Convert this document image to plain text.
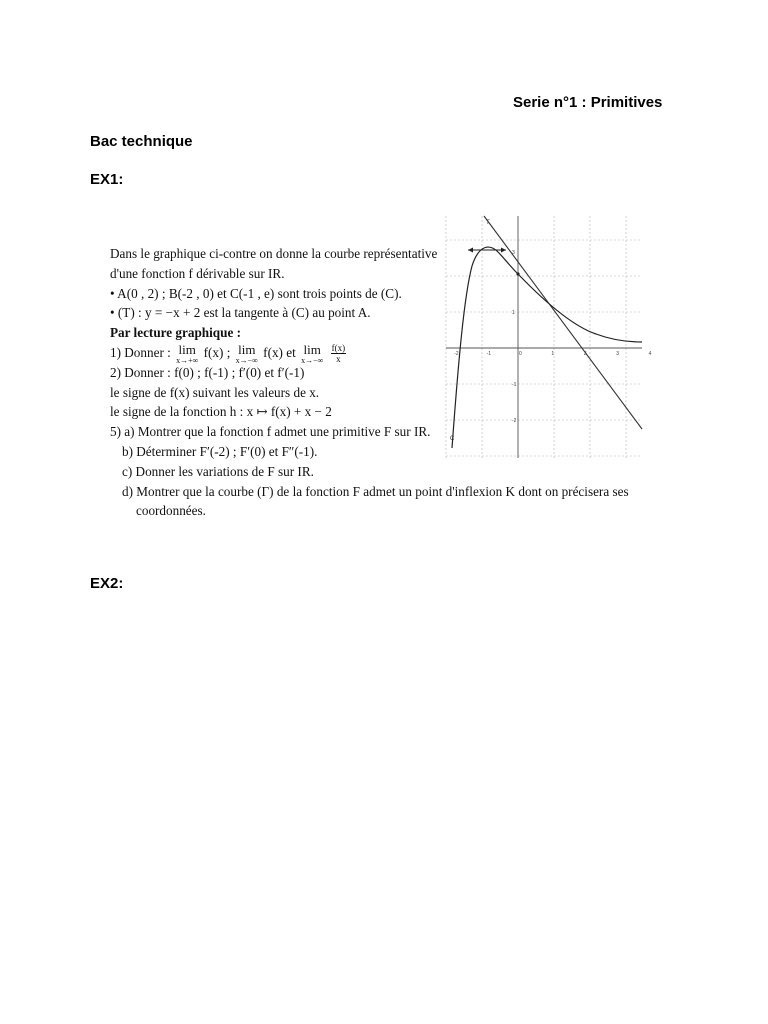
Serie n°1 : Primitives
Bac technique
EX1:
Dans le graphique ci-contre on donne la courbe représentative
d'une fonction f dérivable sur IR.
• A(0 , 2) ; B(-2 , 0) et C(-1 , e) sont trois points de (C).
• (T) : y = −x + 2 est la tangente à (C) au point A.
Par lecture graphique :
1) Donner : lim
x→+∞
f(x) ; lim
x→−∞
f(x) et lim
x→−∞
$\frac{f(x)}{x}$
2) Donner : f(0) ; f(-1) ; f′(0) et f′(-1)
le signe de f(x) suivant les valeurs de x.
le signe de la fonction h : x ↦ f(x) + x − 2
5) a) Montrer que la fonction f admet une primitive F sur IR.
b) Déterminer F′(-2) ; F′(0) et F″(-1).
c) Donner les variations de F sur IR.
d) Montrer que la courbe (Γ) de la fonction F admet un point d'inflexion K dont on précisera ses
coordonnées.
T
C
-2	-1	0	1	2	3	4
3
1
-1
-2
EX2:
